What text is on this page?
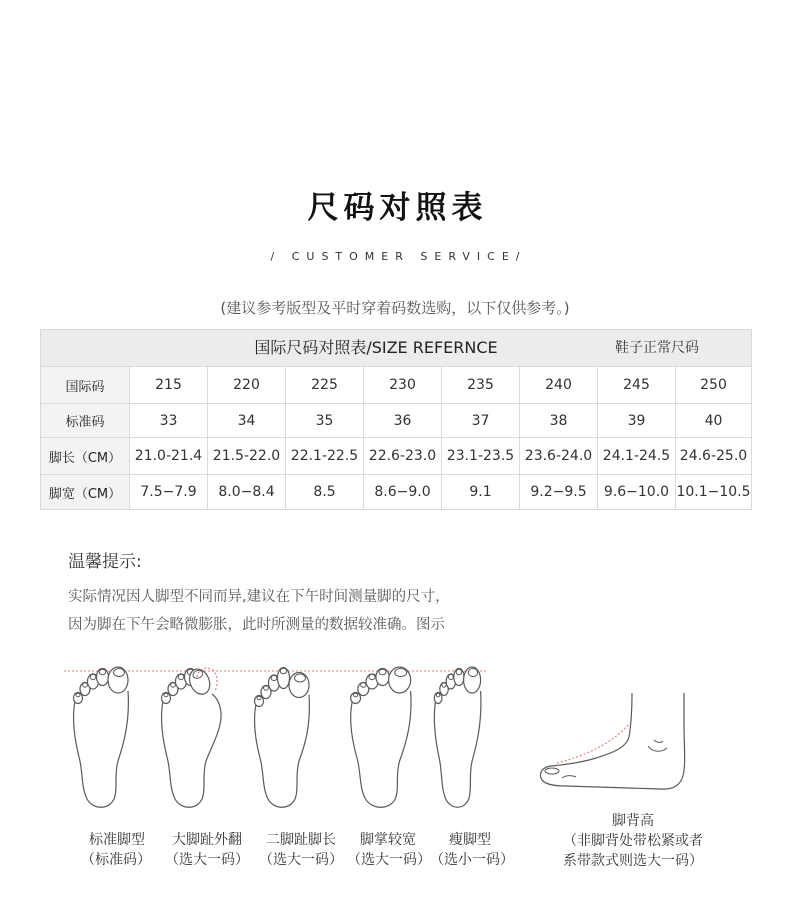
尺码对照表
/ CUSTOMER SERVICE/
(建议参考版型及平时穿着码数选购，以下仅供参考。)
国际尺码对照表/SIZE REFERNCE	鞋子正常尺码
国际码	215	220	225	230	235	240	245	250
标准码	33	34	35	36	37	38	39	40
脚长（CM） 21.0-21.4 21.5-22.0 22.1-22.5 22.6-23.0 23.1-23.5 23.6-24.0 24.1-24.5 24.6-25.0
脚宽（CM）	7.5−7.9	8.0−8.4	8.5	8.6−9.0	9.1	9.2−9.5	9.6−10.0 10.1−10.5
温馨提示:
实际情况因人脚型不同而异,建议在下午时间测量脚的尺寸，
因为脚在下午会略微膨胀，此时所测量的数据较准确。图示
标准脚型
（标准码）
大脚趾外翻
（选大一码）
二脚趾脚长
（选大一码）
脚掌较宽
（选大一码）
瘦脚型
（选小一码）
脚背高
（非脚背处带松紧或者
系带款式则选大一码）
